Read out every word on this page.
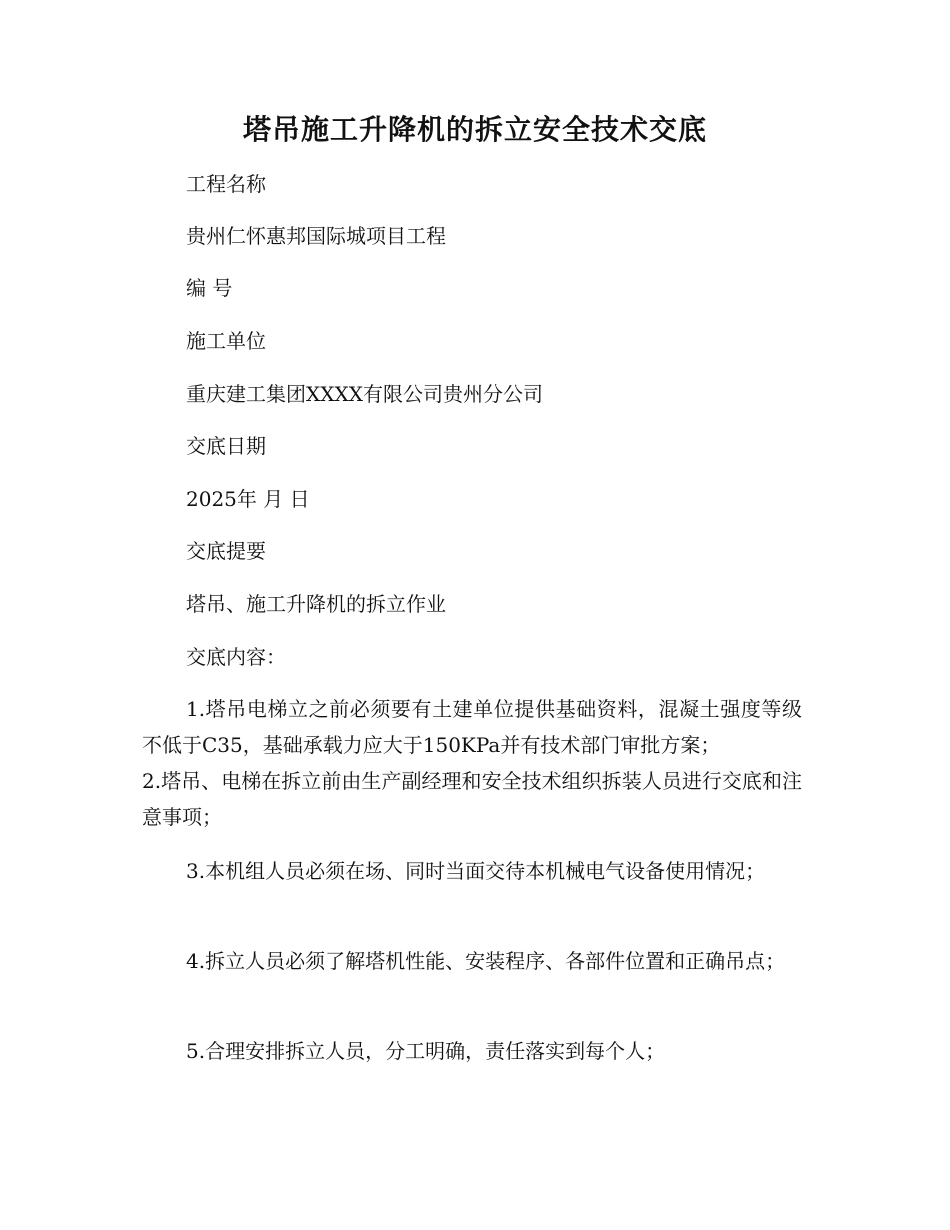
塔吊施工升降机的拆立安全技术交底
工程名称
贵州仁怀惠邦国际城项目工程
编 号
施工单位
重庆建工集团XXXX有限公司贵州分公司
交底日期
2025年 月 日
交底提要
塔吊、施工升降机的拆立作业
交底内容：
1.塔吊电梯立之前必须要有土建单位提供基础资料，混凝土强度等级不低于C35，基础承载力应大于150KPa并有技术部门审批方案；
2.塔吊、电梯在拆立前由生产副经理和安全技术组织拆装人员进行交底和注意事项；
3.本机组人员必须在场、同时当面交待本机械电气设备使用情况；
4.拆立人员必须了解塔机性能、安装程序、各部件位置和正确吊点；
5.合理安排拆立人员，分工明确，责任落实到每个人；
